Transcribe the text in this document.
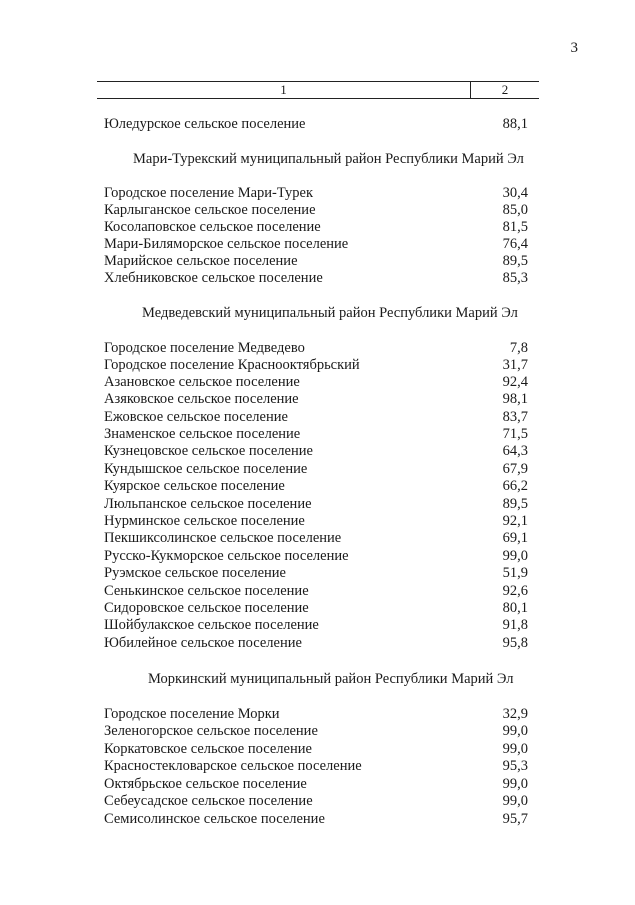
3
1	2
Юледурское сельское поселение	88,1
Мари-Турекский муниципальный район Республики Марий Эл
Городское поселение Мари-Турек	30,4
Карлыганское сельское поселение	85,0
Косолаповское сельское поселение	81,5
Мари-Биляморское сельское поселение	76,4
Марийское сельское поселение	89,5
Хлебниковское сельское поселение	85,3
Медведевский муниципальный район Республики Марий Эл
Городское поселение Медведево	7,8
Городское поселение Краснооктябрьский	31,7
Азановское сельское поселение	92,4
Азяковское сельское поселение	98,1
Ежовское сельское поселение	83,7
Знаменское сельское поселение	71,5
Кузнецовское сельское поселение	64,3
Кундышское сельское поселение	67,9
Куярское сельское поселение	66,2
Люльпанское сельское поселение	89,5
Нурминское сельское поселение	92,1
Пекшиксолинское сельское поселение	69,1
Русско-Кукморское сельское поселение	99,0
Руэмское сельское поселение	51,9
Сенькинское сельское поселение	92,6
Сидоровское сельское поселение	80,1
Шойбулакское сельское поселение	91,8
Юбилейное сельское поселение	95,8
Моркинский муниципальный район Республики Марий Эл
Городское поселение Морки	32,9
Зеленогорское сельское поселение	99,0
Коркатовское сельское поселение	99,0
Красностекловарское сельское поселение	95,3
Октябрьское сельское поселение	99,0
Себеусадское сельское поселение	99,0
Семисолинское сельское поселение	95,7
